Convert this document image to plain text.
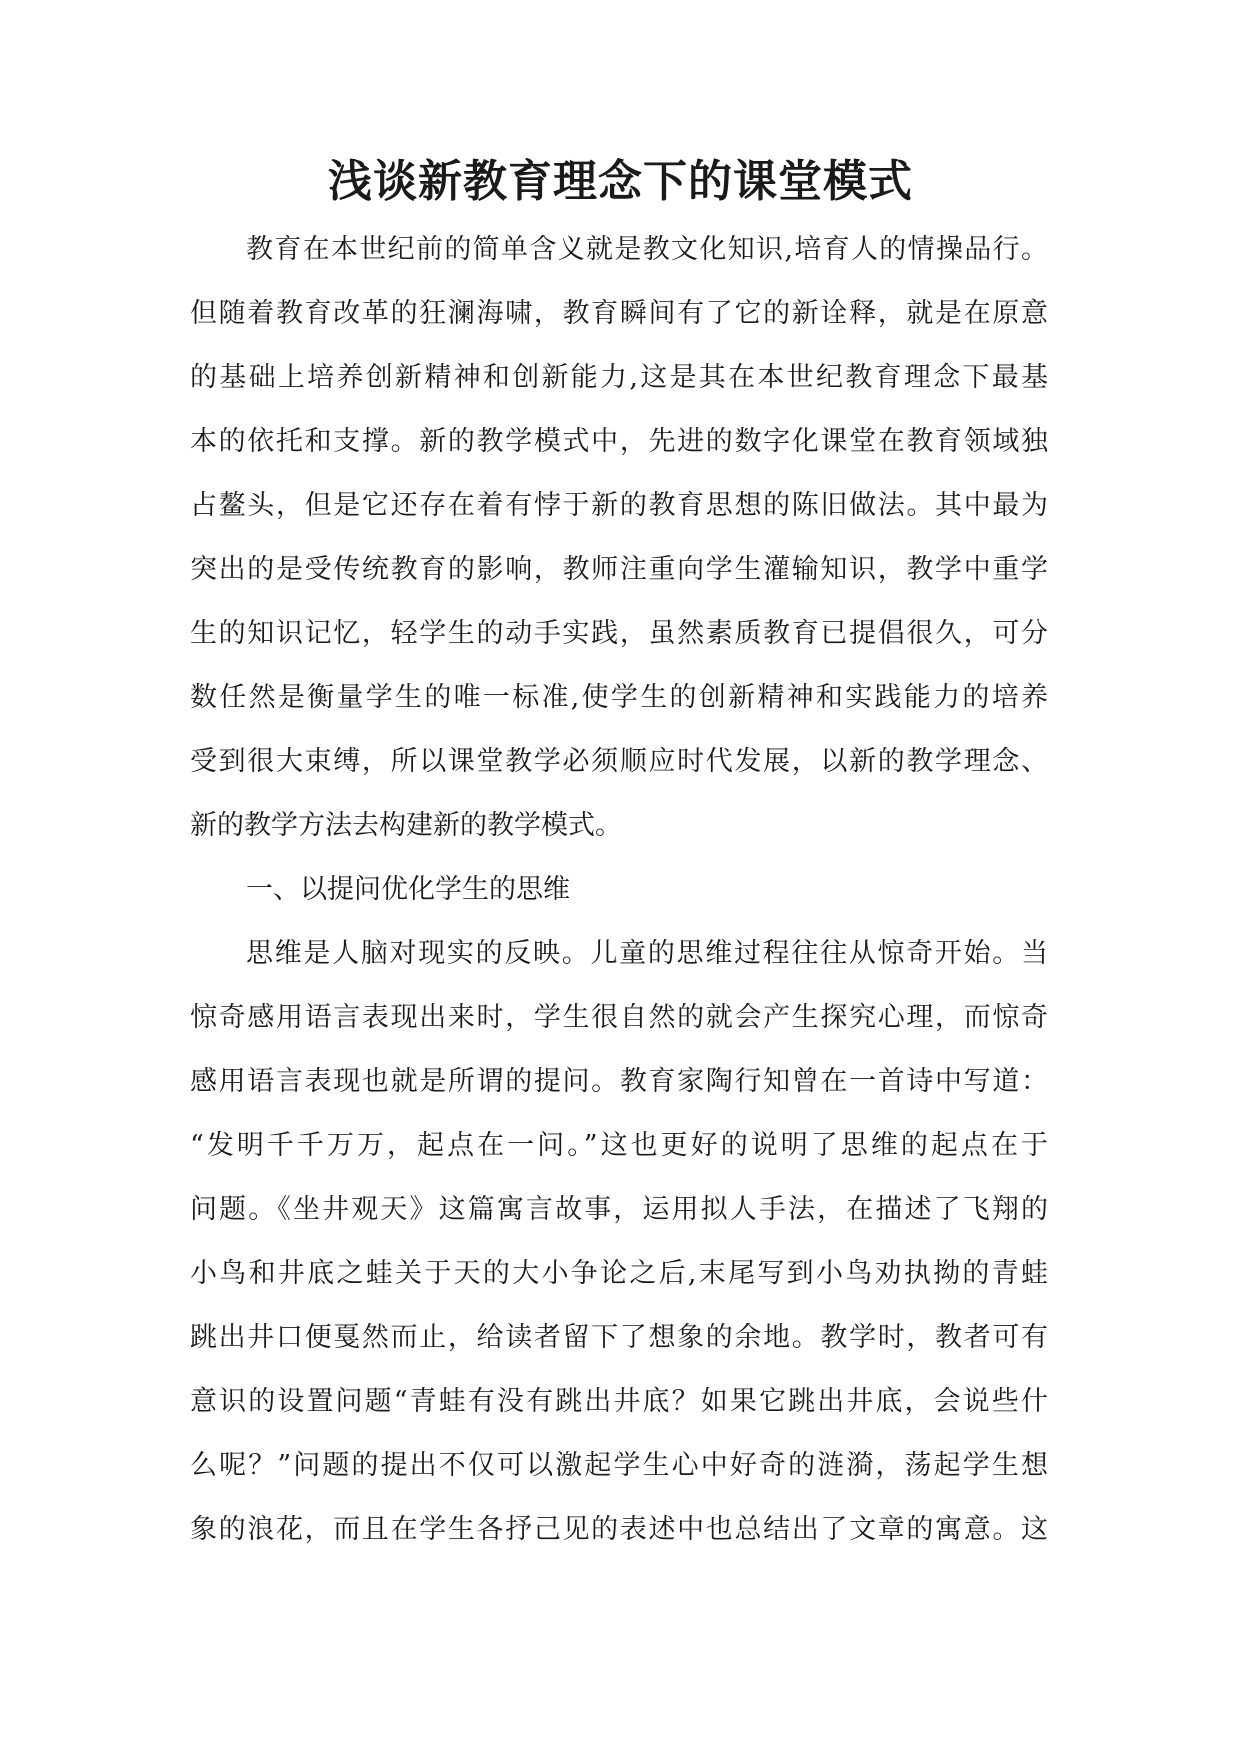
浅谈新教育理念下的课堂模式
教育在本世纪前的简单含义就是教文化知识,培育人的情操品行。
但随着教育改革的狂澜海啸，教育瞬间有了它的新诠释，就是在原意
的基础上培养创新精神和创新能力,这是其在本世纪教育理念下最基
本的依托和支撑。新的教学模式中，先进的数字化课堂在教育领域独
占鳌头，但是它还存在着有悖于新的教育思想的陈旧做法。其中最为
突出的是受传统教育的影响，教师注重向学生灌输知识，教学中重学
生的知识记忆，轻学生的动手实践，虽然素质教育已提倡很久，可分
数任然是衡量学生的唯一标准,使学生的创新精神和实践能力的培养
受到很大束缚，所以课堂教学必须顺应时代发展，以新的教学理念、
新的教学方法去构建新的教学模式。
一、以提问优化学生的思维
思维是人脑对现实的反映。儿童的思维过程往往从惊奇开始。当
惊奇感用语言表现出来时，学生很自然的就会产生探究心理，而惊奇
感用语言表现也就是所谓的提问。教育家陶行知曾在一首诗中写道：
“发明千千万万，起点在一问。”这也更好的说明了思维的起点在于
问题。《坐井观天》这篇寓言故事，运用拟人手法，在描述了飞翔的
小鸟和井底之蛙关于天的大小争论之后,末尾写到小鸟劝执拗的青蛙
跳出井口便戛然而止，给读者留下了想象的余地。教学时，教者可有
意识的设置问题“青蛙有没有跳出井底？如果它跳出井底，会说些什
么呢？”问题的提出不仅可以激起学生心中好奇的涟漪，荡起学生想
象的浪花，而且在学生各抒己见的表述中也总结出了文章的寓意。这
